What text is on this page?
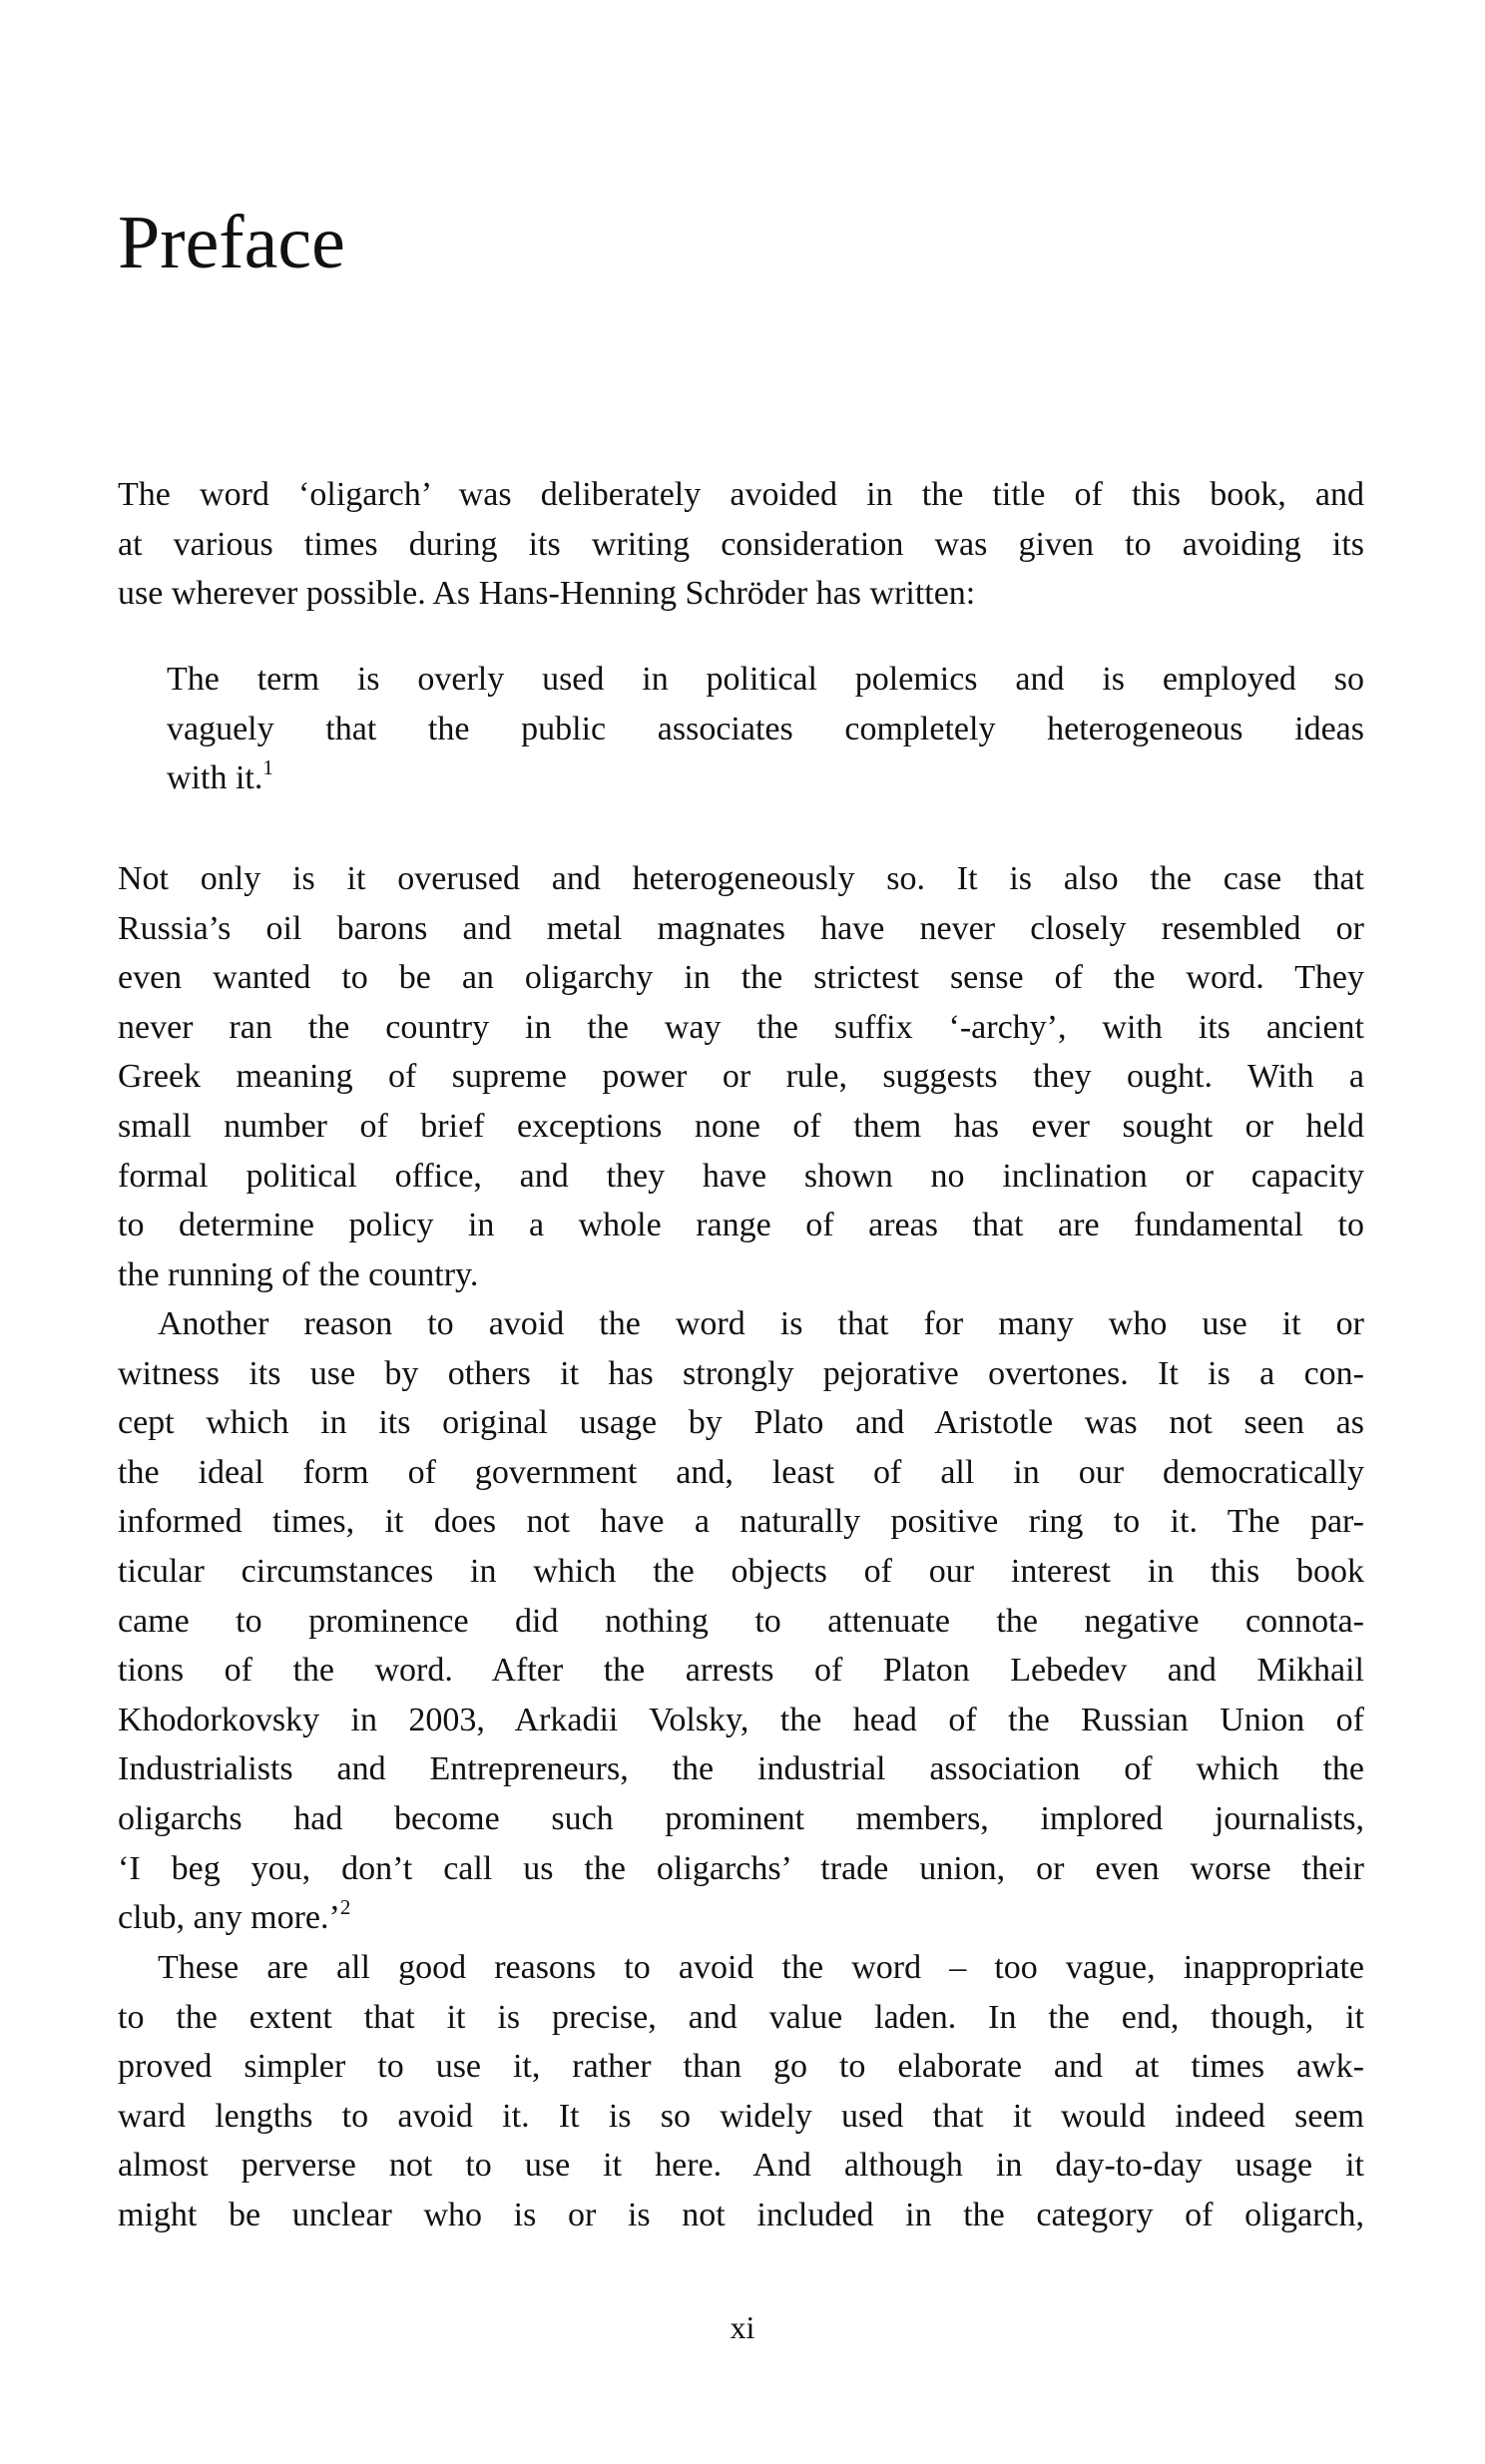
Preface
The word ‘oligarch’ was deliberately avoided in the title of this book, and
at various times during its writing consideration was given to avoiding its
use wherever possible. As Hans-Henning Schröder has written:
The term is overly used in political polemics and is employed so
vaguely that the public associates completely heterogeneous ideas
with it.$^1$
Not only is it overused and heterogeneously so. It is also the case that
Russia’s oil barons and metal magnates have never closely resembled or
even wanted to be an oligarchy in the strictest sense of the word. They
never ran the country in the way the suffix ‘-archy’, with its ancient
Greek meaning of supreme power or rule, suggests they ought. With a
small number of brief exceptions none of them has ever sought or held
formal political office, and they have shown no inclination or capacity
to determine policy in a whole range of areas that are fundamental to
the running of the country.
Another reason to avoid the word is that for many who use it or
witness its use by others it has strongly pejorative overtones. It is a con-
cept which in its original usage by Plato and Aristotle was not seen as
the ideal form of government and, least of all in our democratically
informed times, it does not have a naturally positive ring to it. The par-
ticular circumstances in which the objects of our interest in this book
came to prominence did nothing to attenuate the negative connota-
tions of the word. After the arrests of Platon Lebedev and Mikhail
Khodorkovsky in 2003, Arkadii Volsky, the head of the Russian Union of
Industrialists and Entrepreneurs, the industrial association of which the
oligarchs had become such prominent members, implored journalists,
‘I beg you, don’t call us the oligarchs’ trade union, or even worse their
club, any more.’$^2$
These are all good reasons to avoid the word – too vague, inappropriate
to the extent that it is precise, and value laden. In the end, though, it
proved simpler to use it, rather than go to elaborate and at times awk-
ward lengths to avoid it. It is so widely used that it would indeed seem
almost perverse not to use it here. And although in day-to-day usage it
might be unclear who is or is not included in the category of oligarch,
xi
